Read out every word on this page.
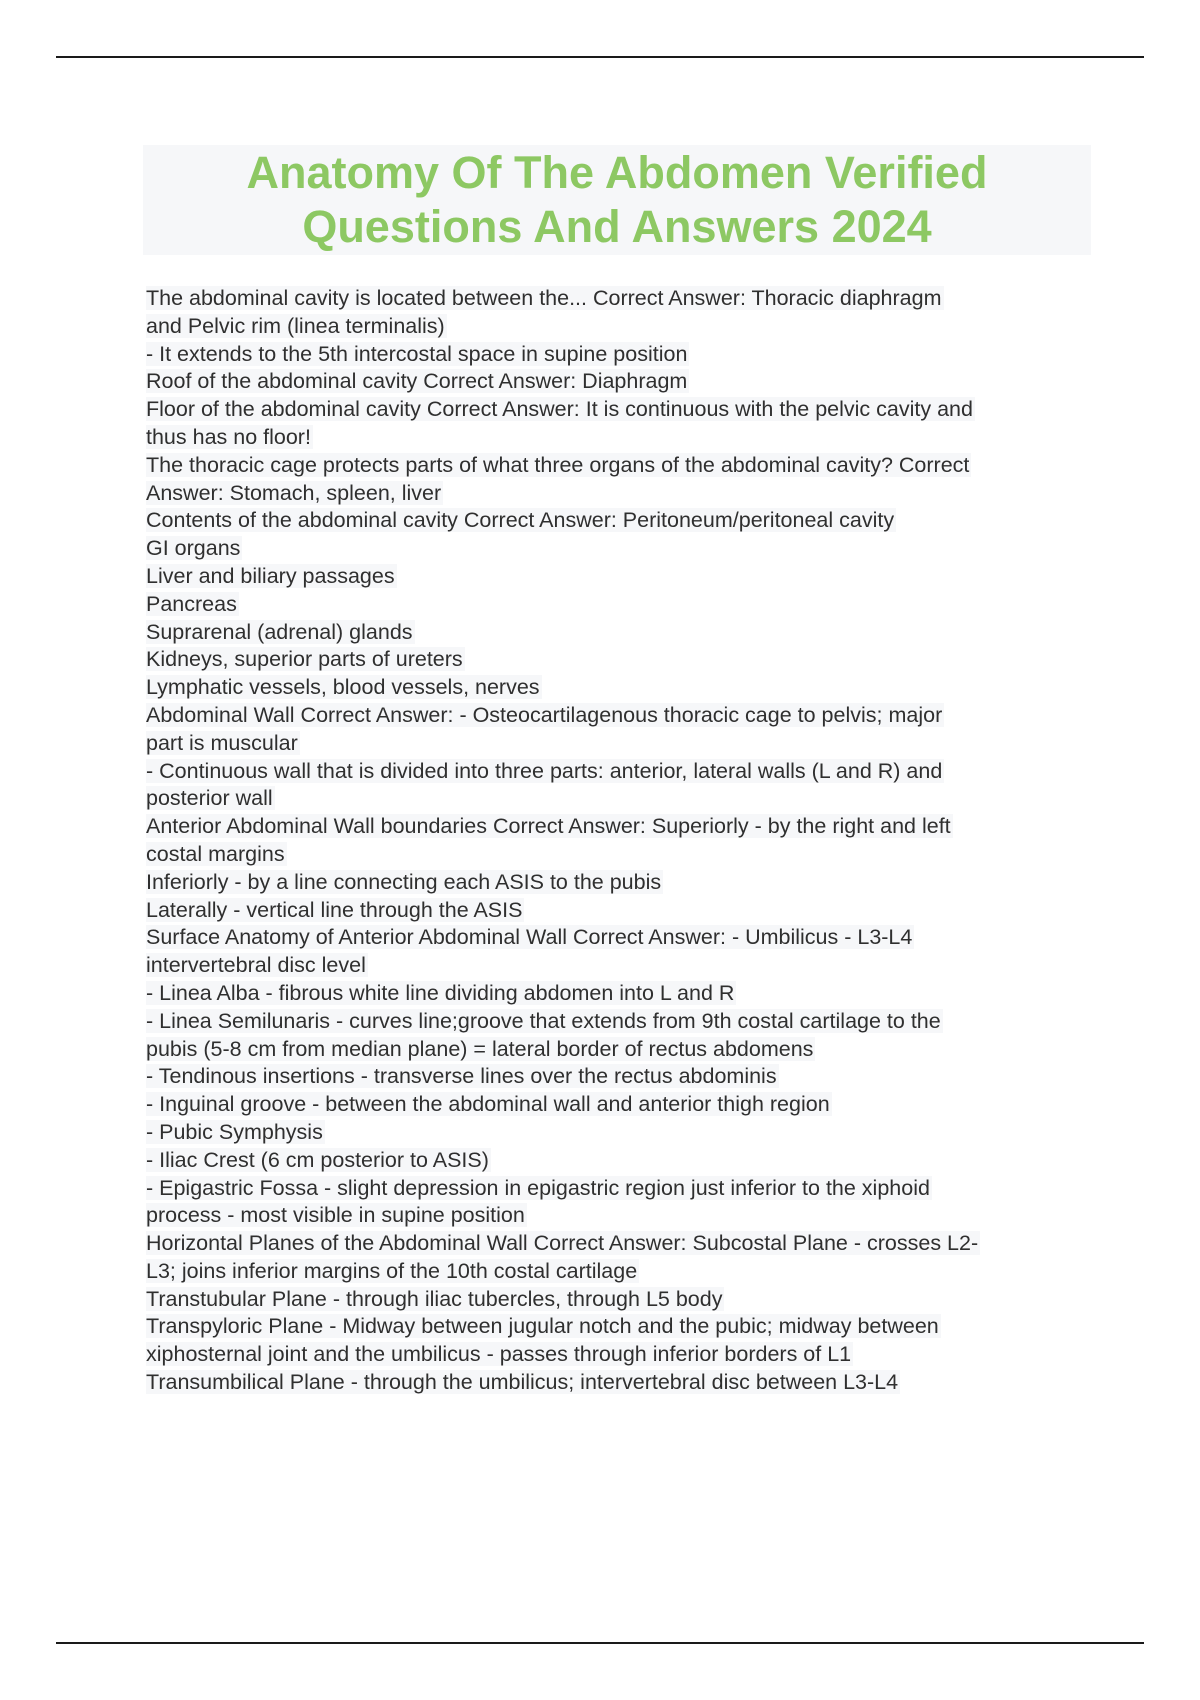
Anatomy Of The Abdomen Verified
Questions And Answers 2024
The abdominal cavity is located between the... Correct Answer: Thoracic diaphragm
and Pelvic rim (linea terminalis)
- It extends to the 5th intercostal space in supine position
Roof of the abdominal cavity Correct Answer: Diaphragm
Floor of the abdominal cavity Correct Answer: It is continuous with the pelvic cavity and
thus has no floor!
The thoracic cage protects parts of what three organs of the abdominal cavity? Correct
Answer: Stomach, spleen, liver
Contents of the abdominal cavity Correct Answer: Peritoneum/peritoneal cavity
GI organs
Liver and biliary passages
Pancreas
Suprarenal (adrenal) glands
Kidneys, superior parts of ureters
Lymphatic vessels, blood vessels, nerves
Abdominal Wall Correct Answer: - Osteocartilagenous thoracic cage to pelvis; major
part is muscular
- Continuous wall that is divided into three parts: anterior, lateral walls (L and R) and
posterior wall
Anterior Abdominal Wall boundaries Correct Answer: Superiorly - by the right and left
costal margins
Inferiorly - by a line connecting each ASIS to the pubis
Laterally - vertical line through the ASIS
Surface Anatomy of Anterior Abdominal Wall Correct Answer: - Umbilicus - L3-L4
intervertebral disc level
- Linea Alba - fibrous white line dividing abdomen into L and R
- Linea Semilunaris - curves line;groove that extends from 9th costal cartilage to the
pubis (5-8 cm from median plane) = lateral border of rectus abdomens
- Tendinous insertions - transverse lines over the rectus abdominis
- Inguinal groove - between the abdominal wall and anterior thigh region
- Pubic Symphysis
- Iliac Crest (6 cm posterior to ASIS)
- Epigastric Fossa - slight depression in epigastric region just inferior to the xiphoid
process - most visible in supine position
Horizontal Planes of the Abdominal Wall Correct Answer: Subcostal Plane - crosses L2-
L3; joins inferior margins of the 10th costal cartilage
Transtubular Plane - through iliac tubercles, through L5 body
Transpyloric Plane - Midway between jugular notch and the pubic; midway between
xiphosternal joint and the umbilicus - passes through inferior borders of L1
Transumbilical Plane - through the umbilicus; intervertebral disc between L3-L4
